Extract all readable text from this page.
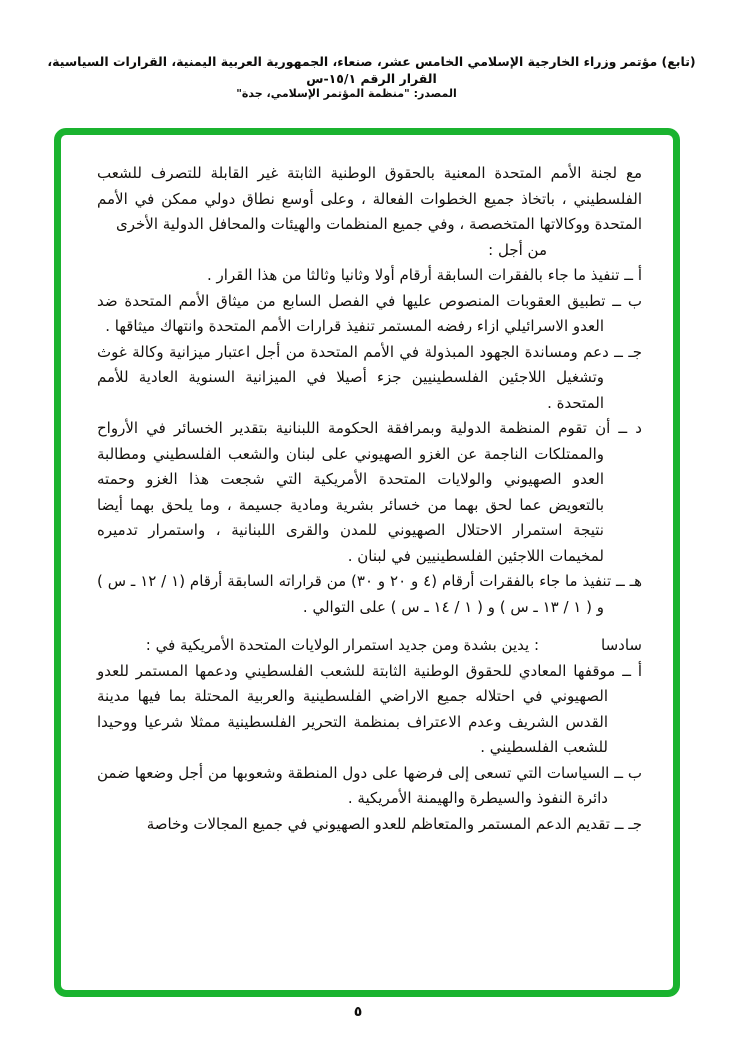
(تابع) مؤتمر وزراء الخارجية الإسلامي الخامس عشر، صنعاء، الجمهورية العربية اليمنية، القرارات السياسية، القرار الرقم ١٥/١-س
المصدر: "منظمة المؤتمر الإسلامي، جدة"

مع لجنة الأمم المتحدة المعنية بالحقوق الوطنية الثابتة غير القابلة للتصرف للشعب الفلسطيني ، باتخاذ جميع الخطوات الفعالة ، وعلى أوسع نطاق دولي ممكن في الأمم المتحدة ووكالاتها المتخصصة ، وفي جميع المنظمات والهيئات والمحافل الدولية الأخرى

من أجل :

أ ــ تنفيذ ما جاء بالفقرات السابقة أرقام أولا وثانيا وثالثا من هذا القرار .

ب ــ تطبيق العقوبات المنصوص عليها في الفصل السابع من ميثاق الأمم المتحدة ضد العدو الاسرائيلي ازاء رفضه المستمر تنفيذ قرارات الأمم المتحدة وانتهاك ميثاقها .

جـ ــ دعم ومساندة الجهود المبذولة في الأمم المتحدة من أجل اعتبار ميزانية وكالة غوث وتشغيل اللاجئين الفلسطينيين جزء أصيلا في الميزانية السنوية العادية للأمم المتحدة .

د ــ أن تقوم المنظمة الدولية وبمرافقة الحكومة اللبنانية بتقدير الخسائر في الأرواح والممتلكات الناجمة عن الغزو الصهيوني على لبنان والشعب الفلسطيني ومطالبة العدو الصهيوني والولايات المتحدة الأمريكية التي شجعت هذا الغزو وحمته بالتعويض عما لحق بهما من خسائر بشرية ومادية جسيمة ، وما يلحق بهما أيضا نتيجة استمرار الاحتلال الصهيوني للمدن والقرى اللبنانية ، واستمرار تدميره لمخيمات اللاجئين الفلسطينيين في لبنان .

هـ ــ تنفيذ ما جاء بالفقرات أرقام (٤ و ٢٠ و ٣٠) من قراراته السابقة أرقام (١ / ١٢ ـ س ) و ( ١ / ١٣ ـ س ) و ( ١ / ١٤ ـ س ) على التوالي .

سادسا
: يدين بشدة ومن جديد استمرار الولايات المتحدة الأمريكية في :

أ ــ موقفها المعادي للحقوق الوطنية الثابتة للشعب الفلسطيني ودعمها المستمر للعدو الصهيوني في احتلاله جميع الاراضي الفلسطينية والعربية المحتلة بما فيها مدينة القدس الشريف وعدم الاعتراف بمنظمة التحرير الفلسطينية ممثلا شرعيا ووحيدا للشعب الفلسطيني .

ب ــ السياسات التي تسعى إلى فرضها على دول المنطقة وشعوبها من أجل وضعها ضمن دائرة النفوذ والسيطرة والهيمنة الأمريكية .

جـ ــ تقديم الدعم المستمر والمتعاظم للعدو الصهيوني في جميع المجالات وخاصة

٥
